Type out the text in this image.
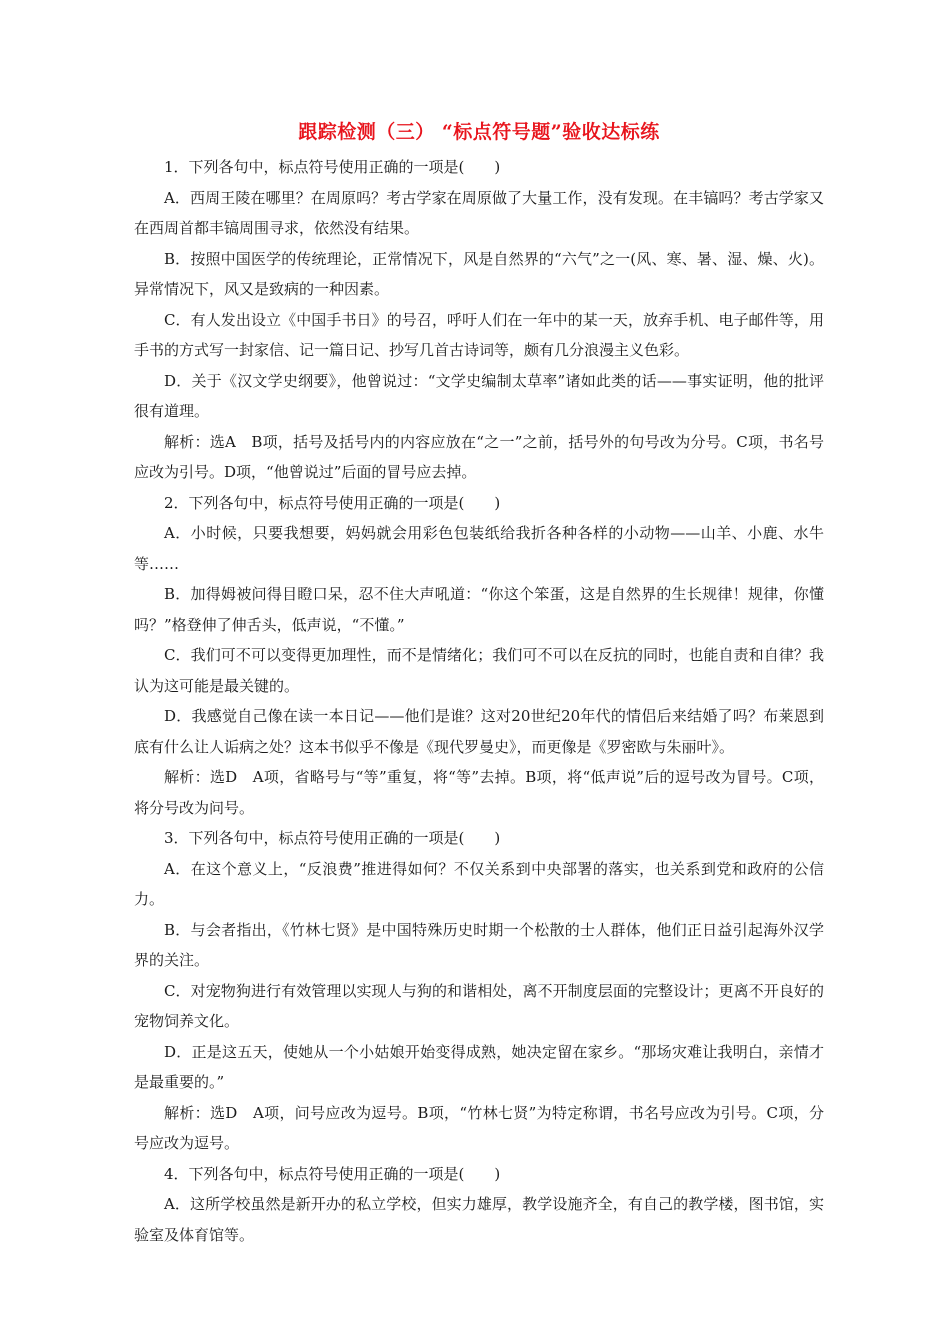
跟踪检测（三） “标点符号题”验收达标练

1．下列各句中，标点符号使用正确的一项是(　　)

A．西周王陵在哪里？在周原吗？考古学家在周原做了大量工作，没有发现。在丰镐吗？考古学家又在西周首都丰镐周围寻求，依然没有结果。

B．按照中国医学的传统理论，正常情况下，风是自然界的“六气”之一(风、寒、暑、湿、燥、火)。异常情况下，风又是致病的一种因素。

C．有人发出设立《中国手书日》的号召，呼吁人们在一年中的某一天，放弃手机、电子邮件等，用手书的方式写一封家信、记一篇日记、抄写几首古诗词等，颇有几分浪漫主义色彩。

D．关于《汉文学史纲要》，他曾说过：“文学史编制太草率”诸如此类的话——事实证明，他的批评很有道理。

解析：选A　B项，括号及括号内的内容应放在“之一”之前，括号外的句号改为分号。C项，书名号应改为引号。D项，“他曾说过”后面的冒号应去掉。

2．下列各句中，标点符号使用正确的一项是(　　)

A．小时候，只要我想要，妈妈就会用彩色包装纸给我折各种各样的小动物——山羊、小鹿、水牛等……

B．加得姆被问得目瞪口呆，忍不住大声吼道：“你这个笨蛋，这是自然界的生长规律！规律，你懂吗？”格登伸了伸舌头，低声说，“不懂。”

C．我们可不可以变得更加理性，而不是情绪化；我们可不可以在反抗的同时，也能自责和自律？我认为这可能是最关键的。

D．我感觉自己像在读一本日记——他们是谁？这对20世纪20年代的情侣后来结婚了吗？布莱恩到底有什么让人诟病之处？这本书似乎不像是《现代罗曼史》，而更像是《罗密欧与朱丽叶》。

解析：选D　A项，省略号与“等”重复，将“等”去掉。B项，将“低声说”后的逗号改为冒号。C项，将分号改为问号。

3．下列各句中，标点符号使用正确的一项是(　　)

A．在这个意义上，“反浪费”推进得如何？不仅关系到中央部署的落实，也关系到党和政府的公信力。

B．与会者指出，《竹林七贤》是中国特殊历史时期一个松散的士人群体，他们正日益引起海外汉学界的关注。

C．对宠物狗进行有效管理以实现人与狗的和谐相处，离不开制度层面的完整设计；更离不开良好的宠物饲养文化。

D．正是这五天，使她从一个小姑娘开始变得成熟，她决定留在家乡。“那场灾难让我明白，亲情才是最重要的。”

解析：选D　A项，问号应改为逗号。B项，“竹林七贤”为特定称谓，书名号应改为引号。C项，分号应改为逗号。

4．下列各句中，标点符号使用正确的一项是(　　)

A．这所学校虽然是新开办的私立学校，但实力雄厚，教学设施齐全，有自己的教学楼，图书馆，实验室及体育馆等。
